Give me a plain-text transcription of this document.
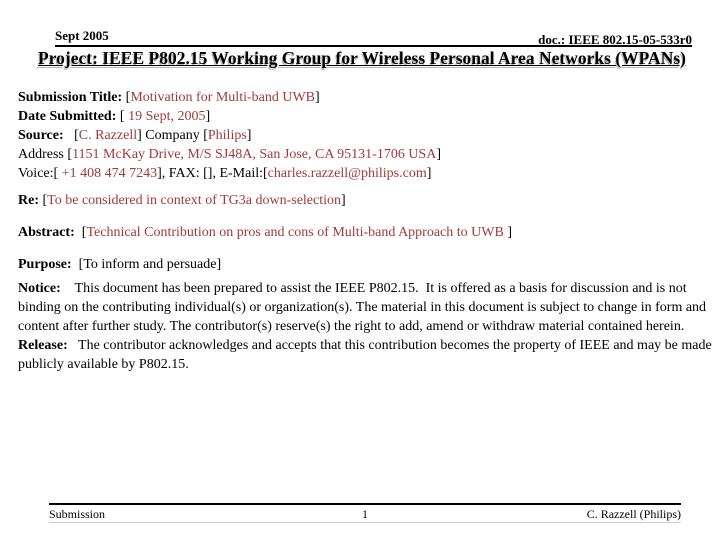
Sept 2005	doc.: IEEE 802.15-05-533r0
Project: IEEE P802.15 Working Group for Wireless Personal Area Networks (WPANs)

Submission Title: [Motivation for Multi-band UWB]

Date Submitted: [ 19 Sept, 2005]

Source:   [C. Razzell] Company [Philips]

Address [1151 McKay Drive, M/S SJ48A, San Jose, CA 95131-1706 USA]

Voice:[ +1 408 474 7243], FAX: [], E-Mail:[charles.razzell@philips.com]

Re: [To be considered in context of TG3a down-selection]

Abstract:  [Technical Contribution on pros and cons of Multi-band Approach to UWB ]

Purpose:  [To inform and persuade]

Notice:    This document has been prepared to assist the IEEE P802.15.  It is offered as a basis for discussion and is not binding on the contributing individual(s) or organization(s). The material in this document is subject to change in form and content after further study. The contributor(s) reserve(s) the right to add, amend or withdraw material contained herein.

Release:   The contributor acknowledges and accepts that this contribution becomes the property of IEEE and may be made publicly available by P802.15.

Submission	1	C. Razzell (Philips)
